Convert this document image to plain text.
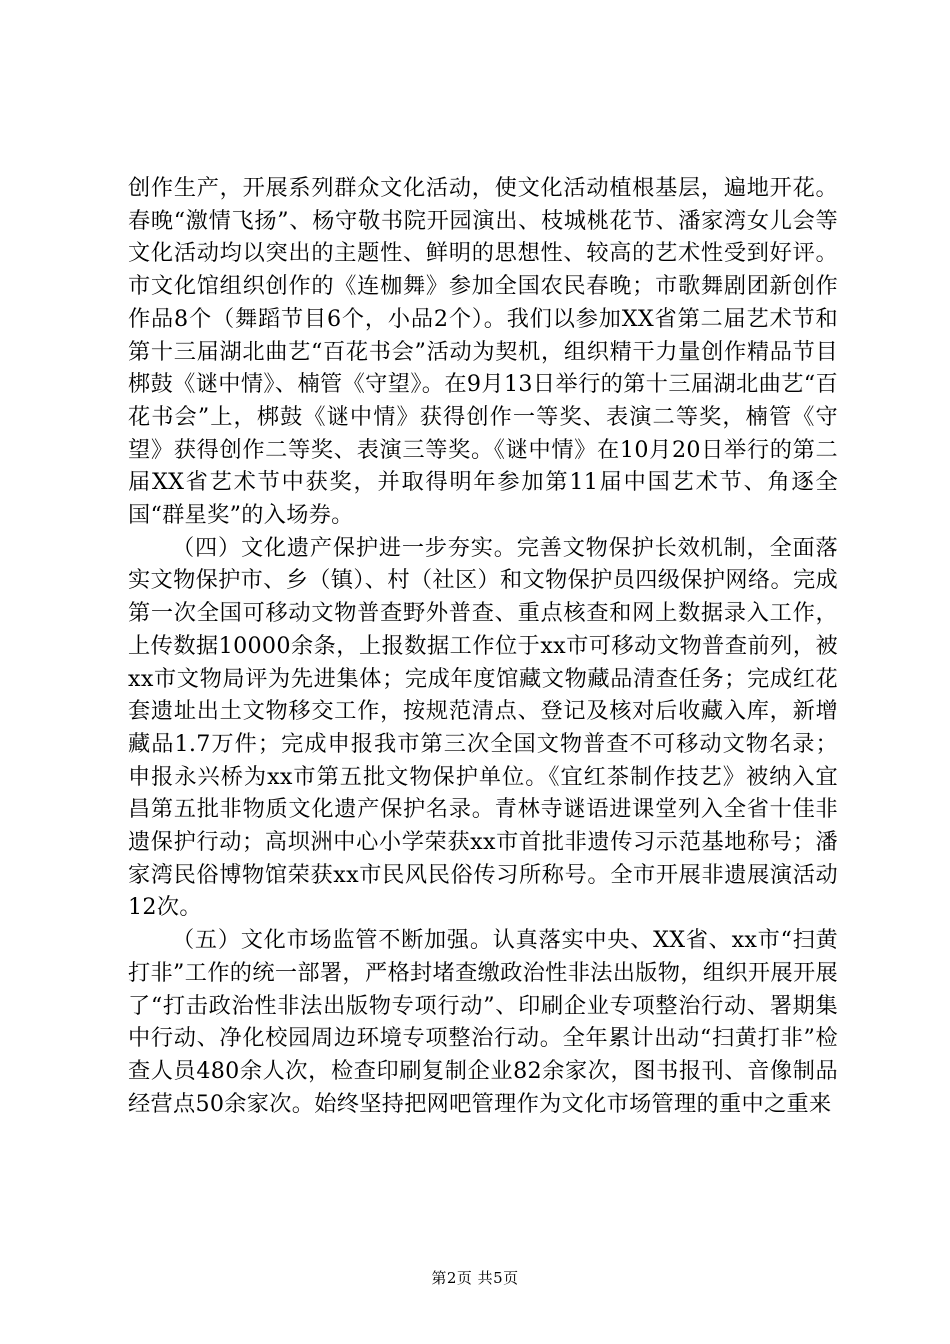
创作生产，开展系列群众文化活动，使文化活动植根基层，遍地开花。春晚“激情飞扬”、杨守敬书院开园演出、枝城桃花节、潘家湾女儿会等文化活动均以突出的主题性、鲜明的思想性、较高的艺术性受到好评。市文化馆组织创作的《连枷舞》参加全国农民春晚；市歌舞剧团新创作作品8个（舞蹈节目6个，小品2个）。我们以参加XX省第二届艺术节和第十三届湖北曲艺“百花书会”活动为契机，组织精干力量创作精品节目梆鼓《谜中情》、楠管《守望》。在9月13日举行的第十三届湖北曲艺“百花书会”上，梆鼓《谜中情》获得创作一等奖、表演二等奖，楠管《守望》获得创作二等奖、表演三等奖。《谜中情》在10月20日举行的第二届XX省艺术节中获奖，并取得明年参加第11届中国艺术节、角逐全国“群星奖”的入场券。

（四）文化遗产保护进一步夯实。完善文物保护长效机制，全面落实文物保护市、乡（镇）、村（社区）和文物保护员四级保护网络。完成第一次全国可移动文物普查野外普查、重点核查和网上数据录入工作，上传数据10000余条，上报数据工作位于xx市可移动文物普查前列，被xx市文物局评为先进集体；完成年度馆藏文物藏品清查任务；完成红花套遗址出土文物移交工作，按规范清点、登记及核对后收藏入库，新增藏品1.7万件；完成申报我市第三次全国文物普查不可移动文物名录；申报永兴桥为xx市第五批文物保护单位。《宜红茶制作技艺》被纳入宜昌第五批非物质文化遗产保护名录。青林寺谜语进课堂列入全省十佳非遗保护行动；高坝洲中心小学荣获xx市首批非遗传习示范基地称号；潘家湾民俗博物馆荣获xx市民风民俗传习所称号。全市开展非遗展演活动12次。

（五）文化市场监管不断加强。认真落实中央、XX省、xx市“扫黄打非”工作的统一部署，严格封堵查缴政治性非法出版物，组织开展开展了“打击政治性非法出版物专项行动”、印刷企业专项整治行动、署期集中行动、净化校园周边环境专项整治行动。全年累计出动“扫黄打非”检查人员480余人次，检查印刷复制企业82余家次，图书报刊、音像制品经营点50余家次。始终坚持把网吧管理作为文化市场管理的重中之重来

第2页 共5页
